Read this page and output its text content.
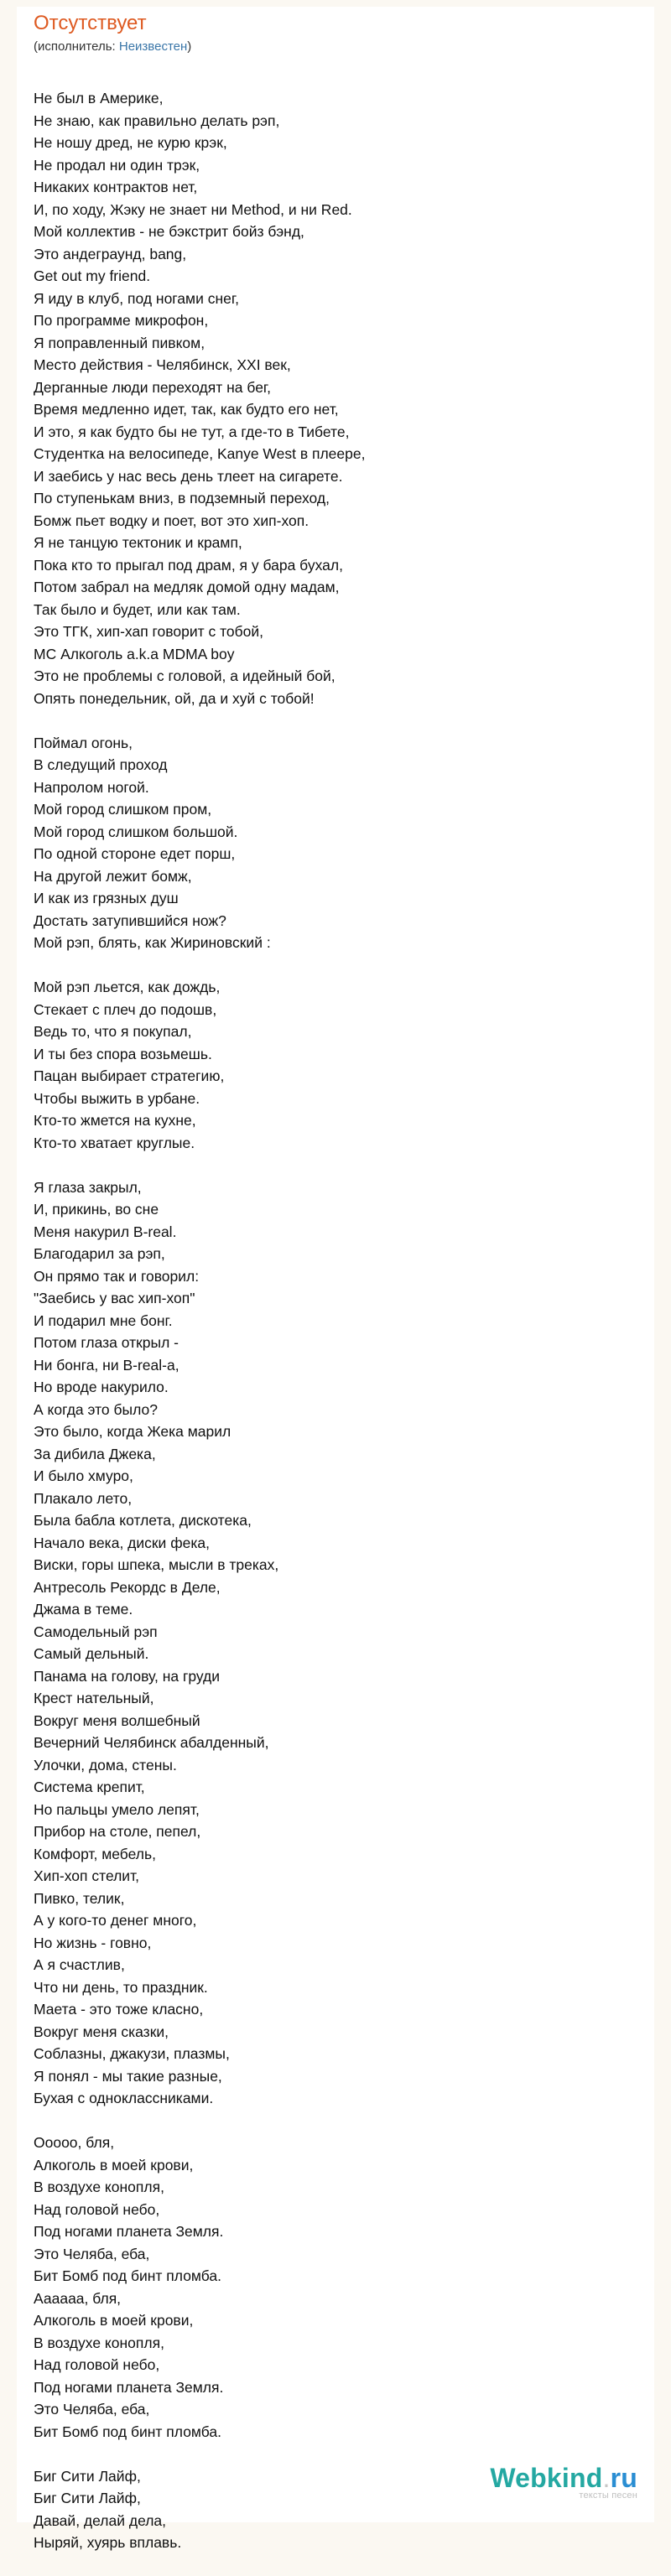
Отсутствует
(исполнитель: Неизвестен)
Не был в Америке,
Не знаю, как правильно делать рэп,
Не ношу дред, не курю крэк,
Не продал ни один трэк,
Никаких контрактов нет,
И, по ходу, Жэку не знает ни Method, и ни Red.
Мой коллектив - не бэкстрит бойз бэнд,
Это андеграунд, bang,
Get out my friend.
Я иду в клуб, под ногами снег,
По программе микрофон,
Я поправленный пивком,
Место действия - Челябинск, XXI век,
Дерганные люди переходят на бег,
Время медленно идет, так, как будто его нет,
И это, я как будто бы не тут, а где-то в Тибете,
Студентка на велосипеде, Kanye West в плеере,
И заебись у нас весь день тлеет на сигарете.
По ступенькам вниз, в подземный переход,
Бомж пьет водку и поет, вот это хип-хоп.
Я не танцую тектоник и крамп,
Пока кто то прыгал под драм, я у бара бухал,
Потом забрал на медляк домой одну мадам,
Так было и будет, или как там.
Это ТГК, хип-хап говорит с тобой,
MC Алкоголь a.k.a MDMA boy
Это не проблемы с головой, а идейный бой,
Опять понедельник, ой, да и хуй с тобой!
Поймал огонь,
В следущий проход
Напролом ногой.
Мой город слишком пром,
Мой город слишком большой.
По одной стороне едет порш,
На другой лежит бомж,
И как из грязных душ
Достать затупившийся нож?
Мой рэп, блять, как Жириновский :
Мой рэп льется, как дождь,
Стекает с плеч до подошв,
Ведь то, что я покупал,
И ты без спора возьмешь.
Пацан выбирает стратегию,
Чтобы выжить в урбане.
Кто-то жмется на кухне,
Кто-то хватает круглые.
Я глаза закрыл,
И, прикинь, во сне
Меня накурил B-real.
Благодарил за рэп,
Он прямо так и говорил:
"Заебись у вас хип-хоп"
И подарил мне бонг.
Потом глаза открыл -
Ни бонга, ни B-real-a,
Но вроде накурило.
А когда это было?
Это было, когда Жека марил
За дибила Джека,
И было хмуро,
Плакало лето,
Была бабла котлета, дискотека,
Начало века, диски фека,
Виски, горы шпека, мысли в треках,
Антресоль Рекордс в Деле,
Джама в теме.
Самодельный рэп
Самый дельный.
Панама на голову, на груди
Крест нательный,
Вокруг меня волшебный
Вечерний Челябинск абалденный,
Улочки, дома, стены.
Система крепит,
Но пальцы умело лепят,
Прибор на столе, пепел,
Комфорт, мебель,
Хип-хоп стелит,
Пивко, телик,
А у кого-то денег много,
Но жизнь - говно,
А я счастлив,
Что ни день, то праздник.
Маета - это тоже класно,
Вокруг меня сказки,
Соблазны, джакузи, плазмы,
Я понял - мы такие разные,
Бухая с одноклассниками.
Ооооо, бля,
Алкоголь в моей крови,
В воздухе конопля,
Над головой небо,
Под ногами планета Земля.
Это Челяба, еба,
Бит Бомб под бинт пломба.
Аааааа, бля,
Алкоголь в моей крови,
В воздухе конопля,
Над головой небо,
Под ногами планета Земля.
Это Челяба, еба,
Бит Бомб под бинт пломба.
Биг Сити Лайф,
Биг Сити Лайф,
Давай, делай дела,
Ныряй, хуярь вплавь.
Webkind.ru
тексты песен
